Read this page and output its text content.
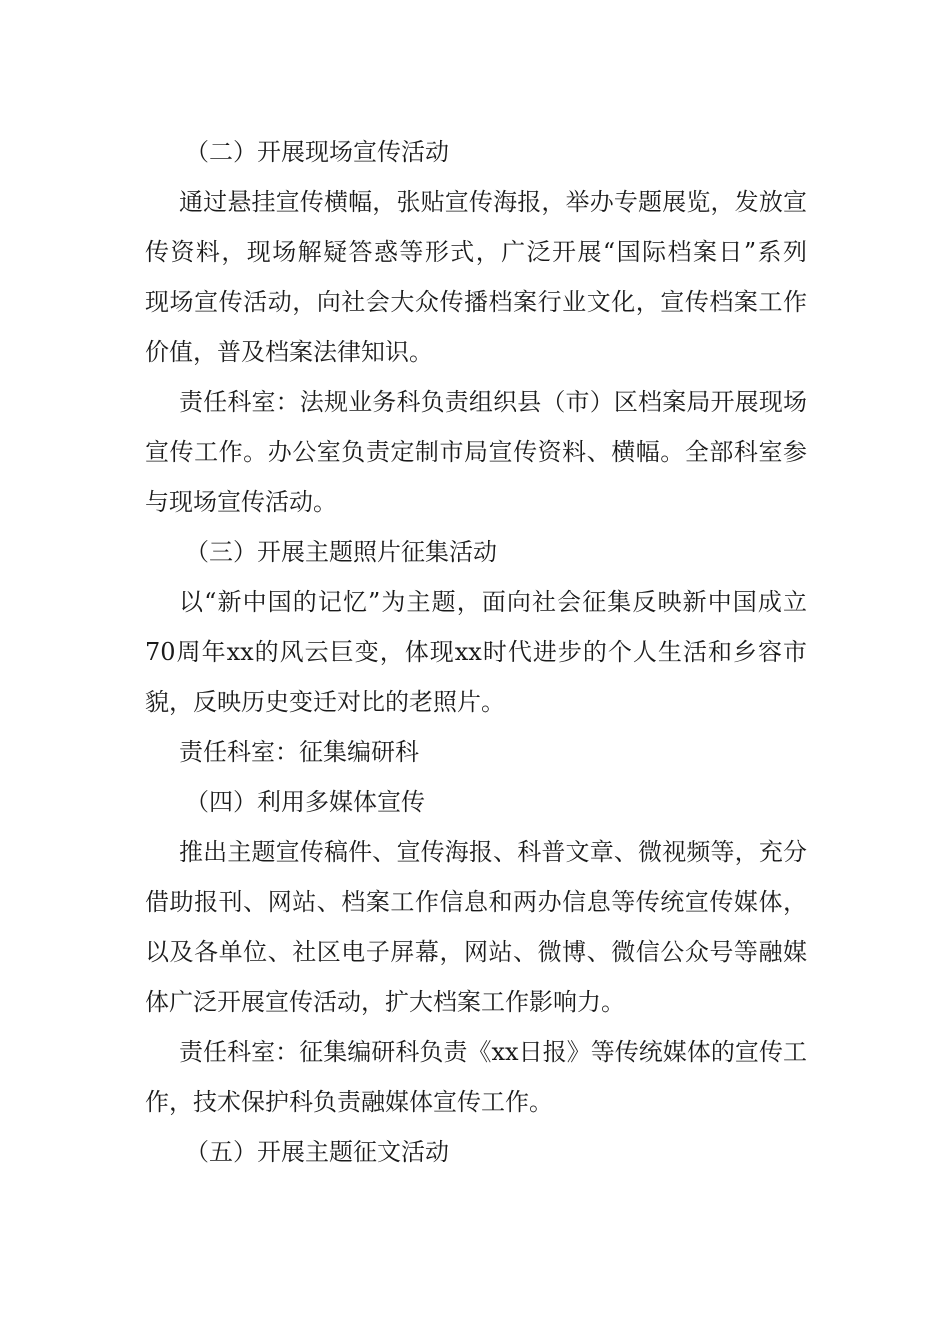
（二）开展现场宣传活动
通过悬挂宣传横幅，张贴宣传海报，举办专题展览，发放宣
传资料，现场解疑答惑等形式，广泛开展“国际档案日”系列
现场宣传活动，向社会大众传播档案行业文化，宣传档案工作
价值，普及档案法律知识。
责任科室：法规业务科负责组织县（市）区档案局开展现场
宣传工作。办公室负责定制市局宣传资料、横幅。全部科室参
与现场宣传活动。
（三）开展主题照片征集活动
以“新中国的记忆”为主题，面向社会征集反映新中国成立
70周年xx的风云巨变，体现xx时代进步的个人生活和乡容市
貌，反映历史变迁对比的老照片。
责任科室：征集编研科
（四）利用多媒体宣传
推出主题宣传稿件、宣传海报、科普文章、微视频等，充分
借助报刊、网站、档案工作信息和两办信息等传统宣传媒体，
以及各单位、社区电子屏幕，网站、微博、微信公众号等融媒
体广泛开展宣传活动，扩大档案工作影响力。
责任科室：征集编研科负责《xx日报》等传统媒体的宣传工
作，技术保护科负责融媒体宣传工作。
（五）开展主题征文活动
